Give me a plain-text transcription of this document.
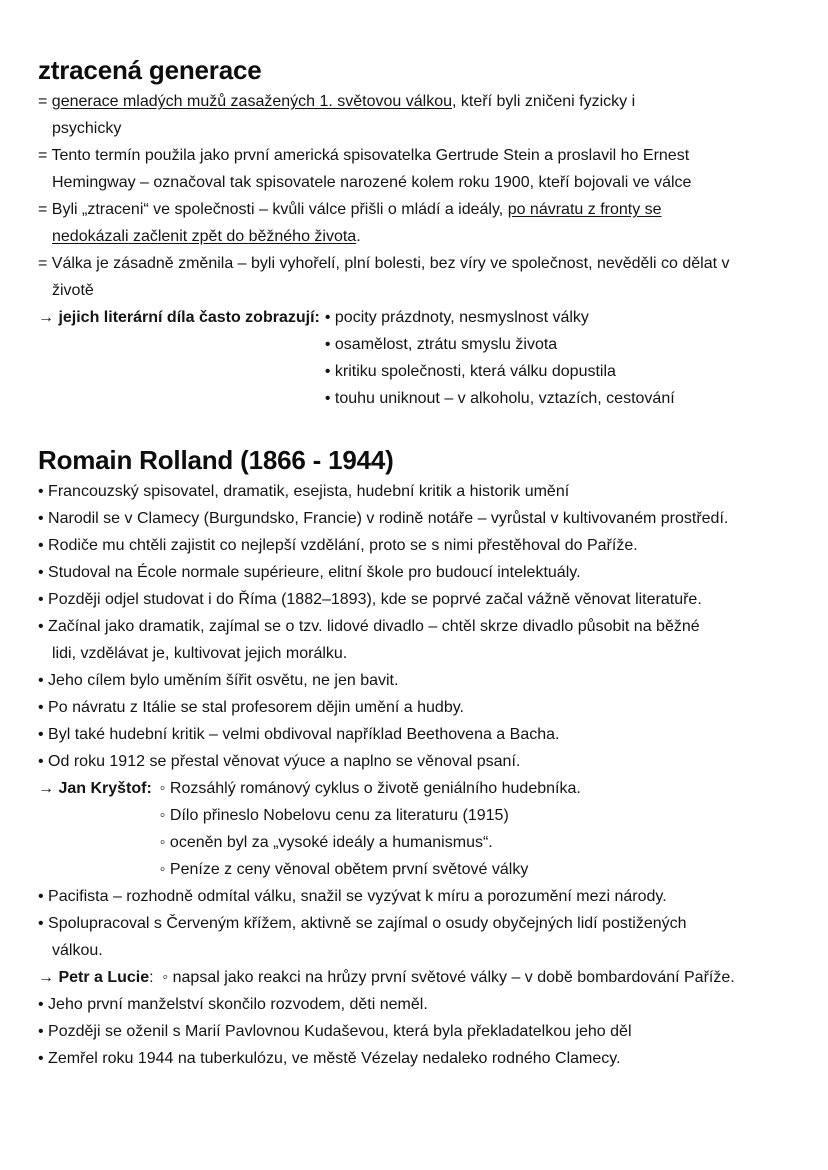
ztracená generace
= generace mladých mužů zasažených 1. světovou válkou, kteří byli zničeni fyzicky i
psychicky
= Tento termín použila jako první americká spisovatelka Gertrude Stein a proslavil ho Ernest
Hemingway – označoval tak spisovatele narozené kolem roku 1900, kteří bojovali ve válce
= Byli „ztraceni“ ve společnosti – kvůli válce přišli o mládí a ideály, po návratu z fronty se
nedokázali začlenit zpět do běžného života.
= Válka je zásadně změnila – byli vyhořelí, plní bolesti, bez víry ve společnost, nevěděli co dělat v
životě
→ jejich literární díla často zobrazují: • pocity prázdnoty, nesmyslnost války
• osamělost, ztrátu smyslu života
• kritiku společnosti, která válku dopustila
• touhu uniknout – v alkoholu, vztazích, cestování
Romain Rolland (1866 - 1944)
• Francouzský spisovatel, dramatik, esejista, hudební kritik a historik umění
• Narodil se v Clamecy (Burgundsko, Francie) v rodině notáře – vyrůstal v kultivovaném prostředí.
• Rodiče mu chtěli zajistit co nejlepší vzdělání, proto se s nimi přestěhoval do Paříže.
• Studoval na École normale supérieure, elitní škole pro budoucí intelektuály.
• Později odjel studovat i do Říma (1882–1893), kde se poprvé začal vážně věnovat literatuře.
• Začínal jako dramatik, zajímal se o tzv. lidové divadlo – chtěl skrze divadlo působit na běžné
lidi, vzdělávat je, kultivovat jejich morálku.
• Jeho cílem bylo uměním šířit osvětu, ne jen bavit.
• Po návratu z Itálie se stal profesorem dějin umění a hudby.
• Byl také hudební kritik – velmi obdivoval například Beethovena a Bacha.
• Od roku 1912 se přestal věnovat výuce a naplno se věnoval psaní.
→ Jan Kryštof: ◦ Rozsáhlý románový cyklus o životě geniálního hudebníka.
◦ Dílo přineslo Nobelovu cenu za literaturu (1915)
◦ oceněn byl za „vysoké ideály a humanismus“.
◦ Peníze z ceny věnoval obětem první světové války
• Pacifista – rozhodně odmítal válku, snažil se vyzývat k míru a porozumění mezi národy.
• Spolupracoval s Červeným křížem, aktivně se zajímal o osudy obyčejných lidí postižených
válkou.
→ Petr a Lucie: ◦ napsal jako reakci na hrůzy první světové války – v době bombardování Paříže.
• Jeho první manželství skončilo rozvodem, děti neměl.
• Později se oženil s Marií Pavlovnou Kudaševou, která byla překladatelkou jeho děl
• Zemřel roku 1944 na tuberkulózu, ve městě Vézelay nedaleko rodného Clamecy.
